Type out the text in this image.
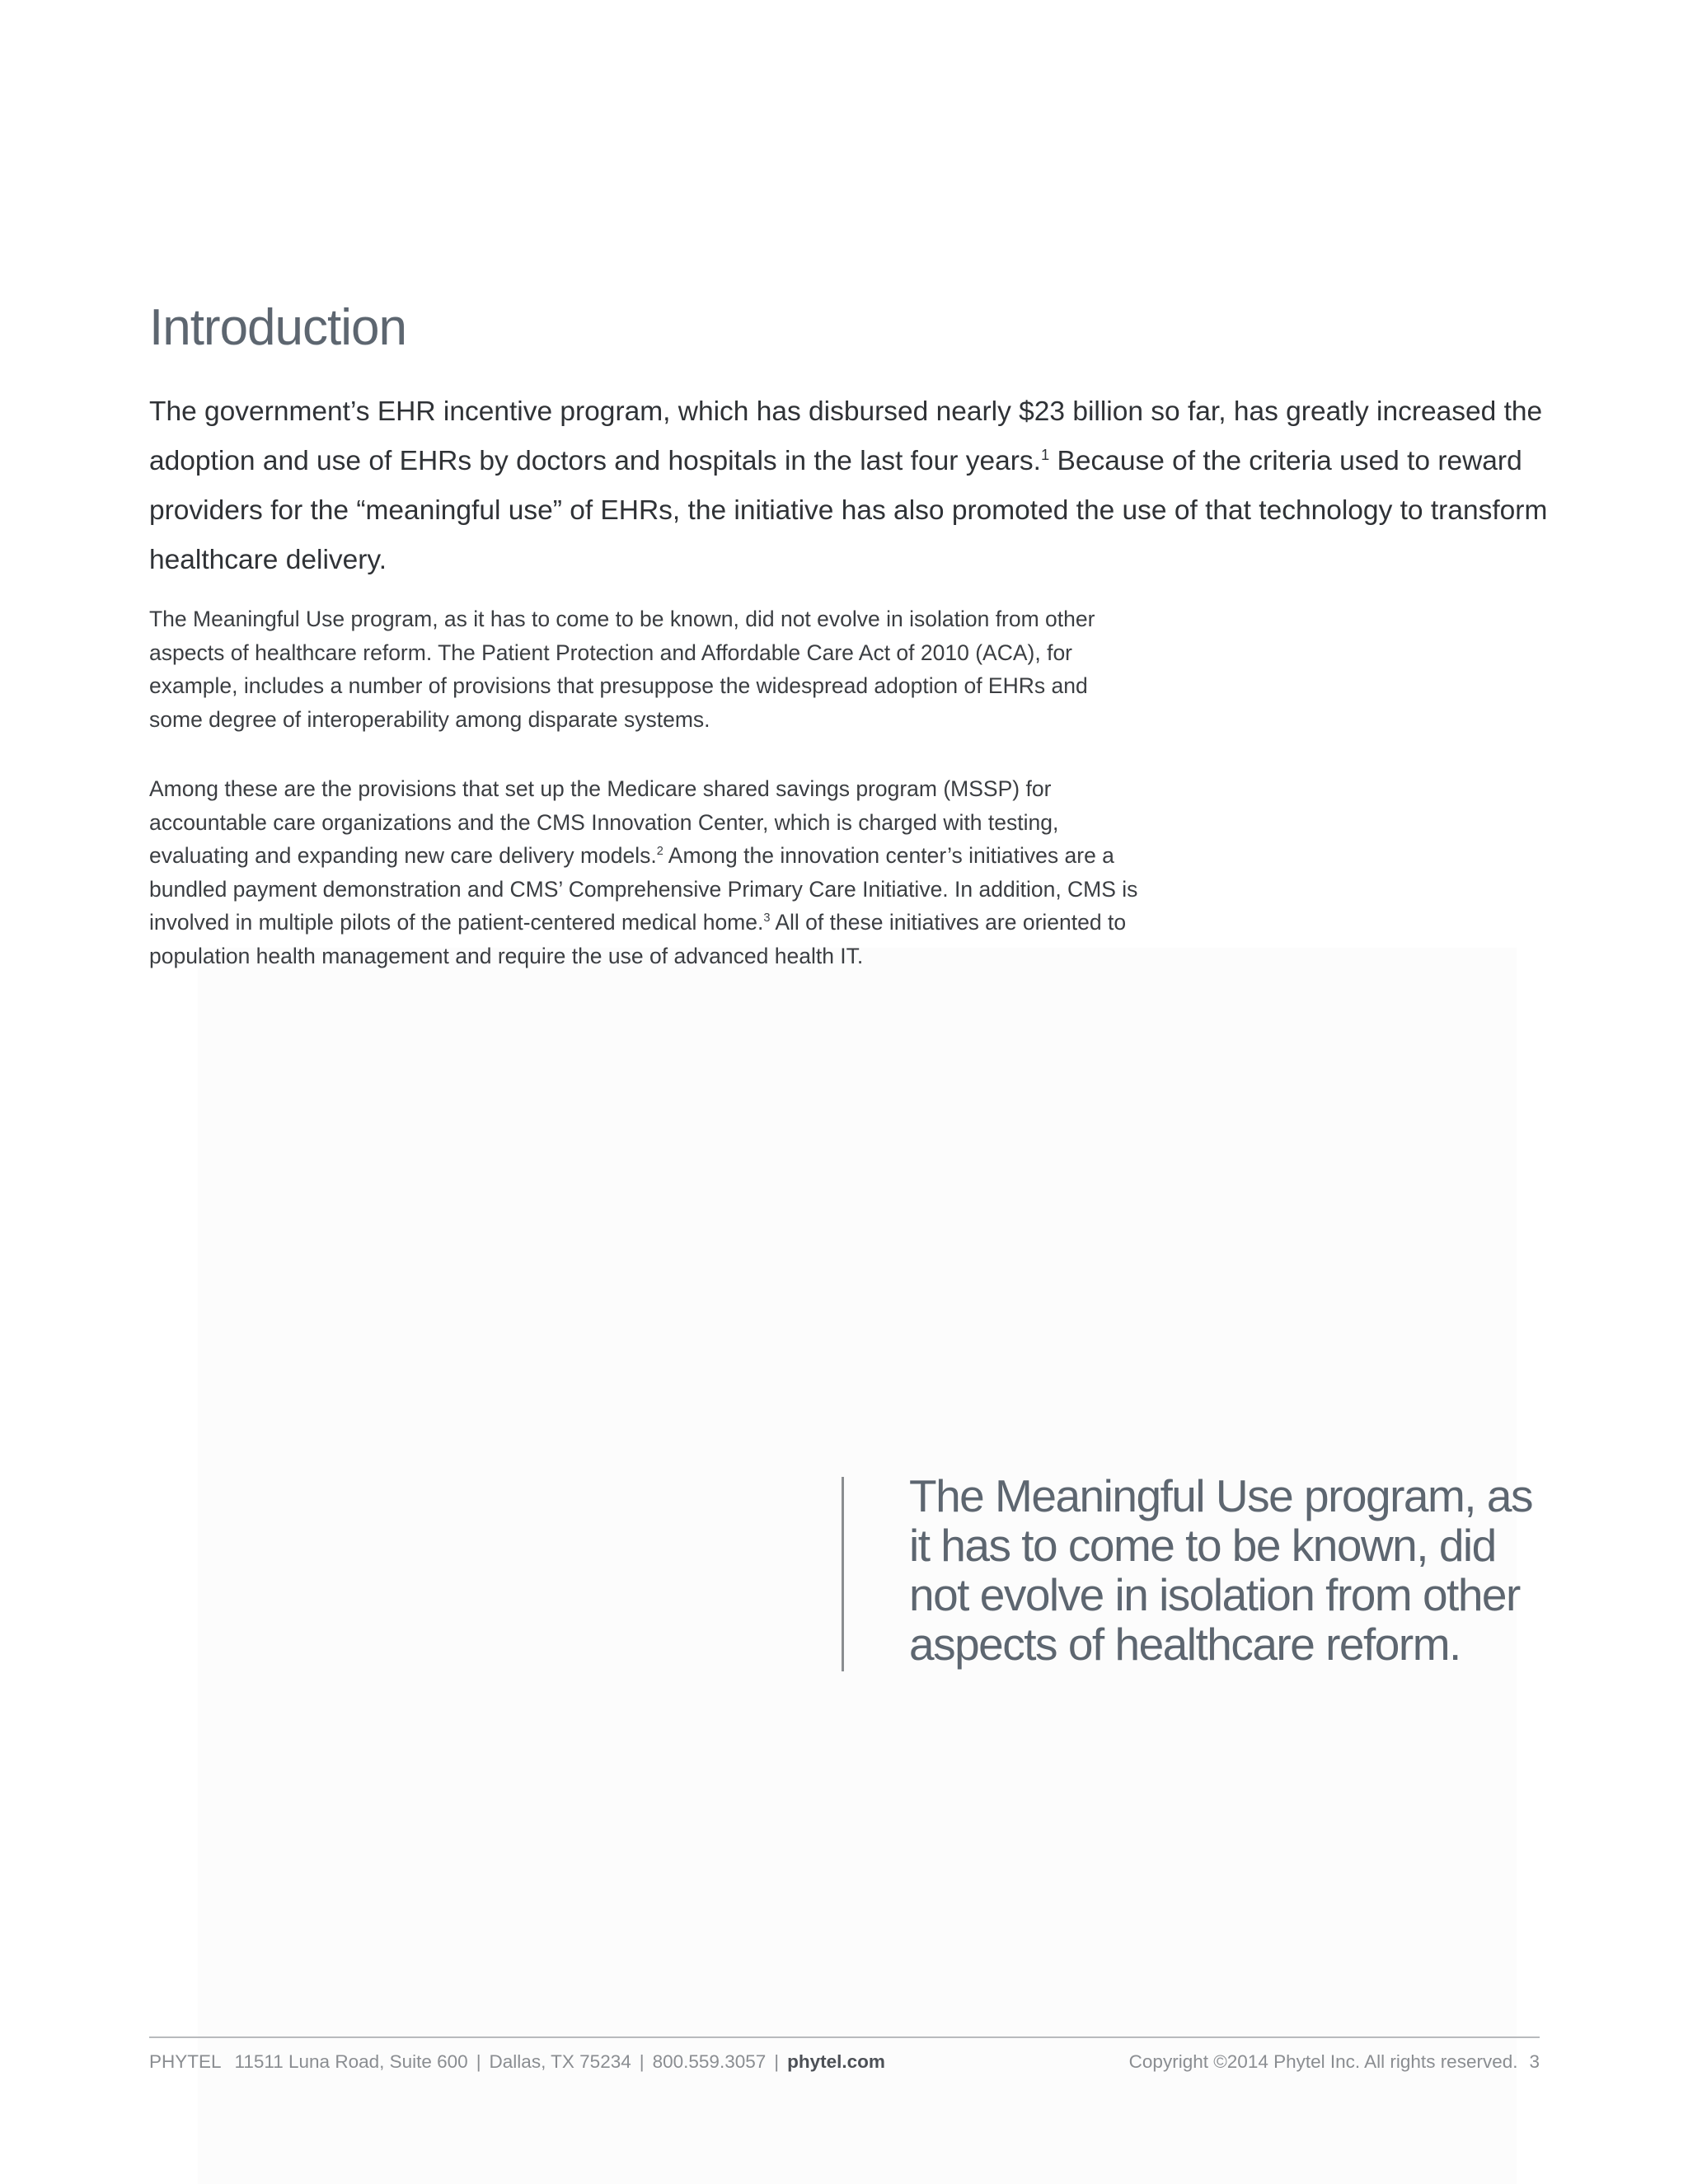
Introduction

The government’s EHR incentive program, which has disbursed nearly $23 billion so far, has greatly increased the
adoption and use of EHRs by doctors and hospitals in the last four years.$^1$ Because of the criteria used to reward
providers for the “meaningful use” of EHRs, the initiative has also promoted the use of that technology to transform
healthcare delivery.

The Meaningful Use program, as it has to come to be known, did not evolve in isolation from other
aspects of healthcare reform. The Patient Protection and Affordable Care Act of 2010 (ACA), for
example, includes a number of provisions that presuppose the widespread adoption of EHRs and
some degree of interoperability among disparate systems.

Among these are the provisions that set up the Medicare shared savings program (MSSP) for
accountable care organizations and the CMS Innovation Center, which is charged with testing,
evaluating and expanding new care delivery models.$^2$ Among the innovation center’s initiatives are a
bundled payment demonstration and CMS’ Comprehensive Primary Care Initiative. In addition, CMS is
involved in multiple pilots of the patient-centered medical home.$^3$ All of these initiatives are oriented to
population health management and require the use of advanced health IT.

The Meaningful Use program, as
it has to come to be known, did
not evolve in isolation from other
aspects of healthcare reform.

PHYTEL 11511 Luna Road, Suite 600 | Dallas, TX 75234 | 800.559.3057 | phytel.com	Copyright ©2014 Phytel Inc. All rights reserved. 3
